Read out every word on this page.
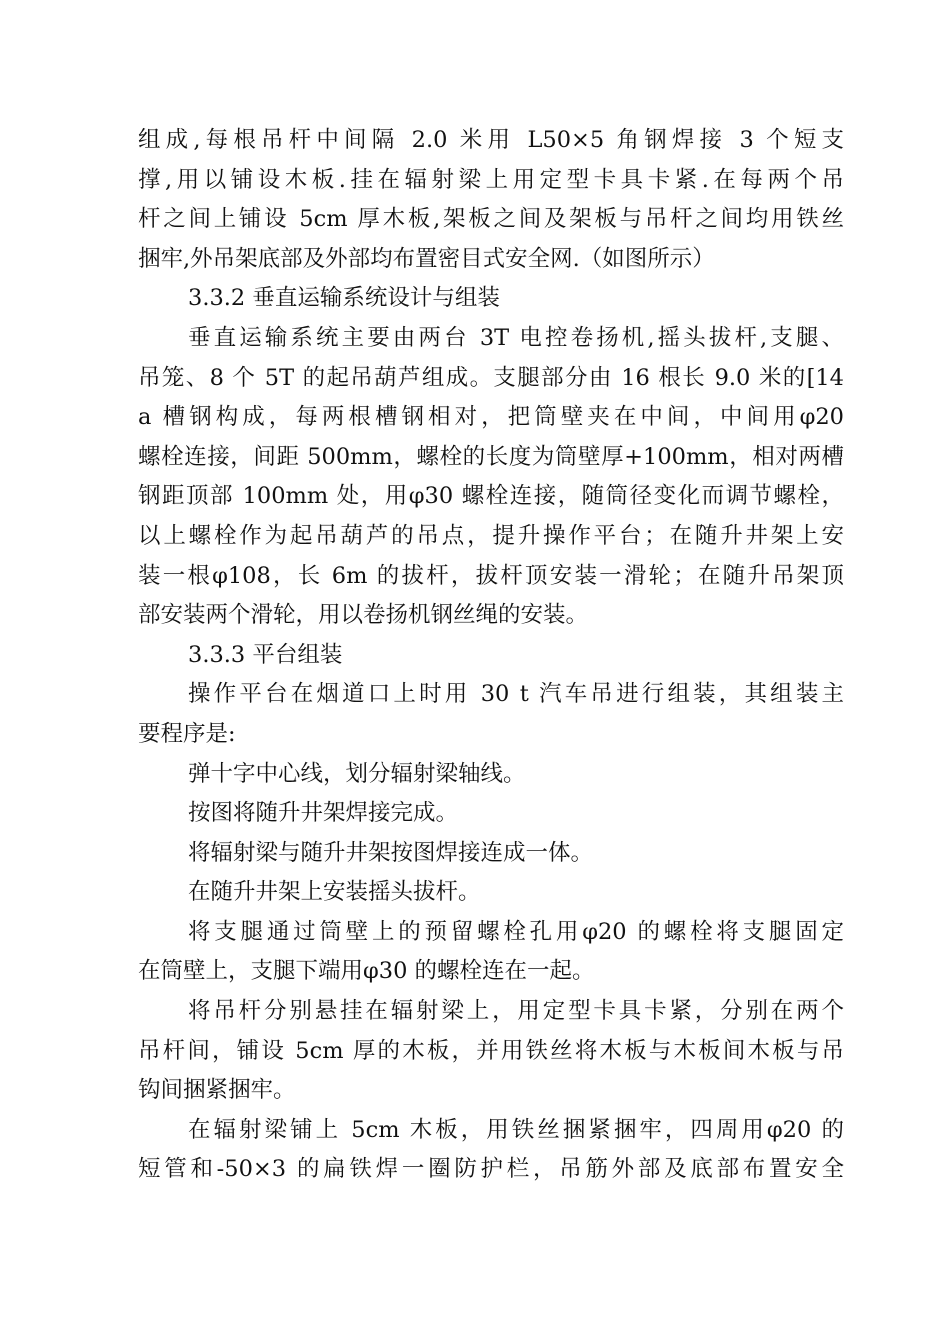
组成,每根吊杆中间隔 2.0 米用 L50×5 角钢焊接 3 个短支
撑,用以铺设木板.挂在辐射梁上用定型卡具卡紧.在每两个吊
杆之间上铺设 5cm 厚木板,架板之间及架板与吊杆之间均用铁丝
捆牢,外吊架底部及外部均布置密目式安全网.（如图所示）
3.3.2 垂直运输系统设计与组装
垂直运输系统主要由两台 3T 电控卷扬机,摇头拔杆,支腿、
吊笼、8 个 5T 的起吊葫芦组成。支腿部分由 16 根长 9.0 米的[14
a 槽钢构成，每两根槽钢相对，把筒壁夹在中间，中间用φ20
螺栓连接，间距 500mm，螺栓的长度为筒壁厚+100mm，相对两槽
钢距顶部 100mm 处，用φ30 螺栓连接，随筒径变化而调节螺栓，
以上螺栓作为起吊葫芦的吊点，提升操作平台；在随升井架上安
装一根φ108，长 6m 的拔杆，拔杆顶安装一滑轮；在随升吊架顶
部安装两个滑轮，用以卷扬机钢丝绳的安装。
3.3.3 平台组装
操作平台在烟道口上时用 30 t 汽车吊进行组装，其组装主
要程序是:
弹十字中心线，划分辐射梁轴线。
按图将随升井架焊接完成。
将辐射梁与随升井架按图焊接连成一体。
在随升井架上安装摇头拔杆。
将支腿通过筒壁上的预留螺栓孔用φ20 的螺栓将支腿固定
在筒壁上，支腿下端用φ30 的螺栓连在一起。
将吊杆分别悬挂在辐射梁上，用定型卡具卡紧，分别在两个
吊杆间，铺设 5cm 厚的木板，并用铁丝将木板与木板间木板与吊
钩间捆紧捆牢。
在辐射梁铺上 5cm 木板，用铁丝捆紧捆牢，四周用φ20 的
短管和-50×3 的扁铁焊一圈防护栏，吊筋外部及底部布置安全
